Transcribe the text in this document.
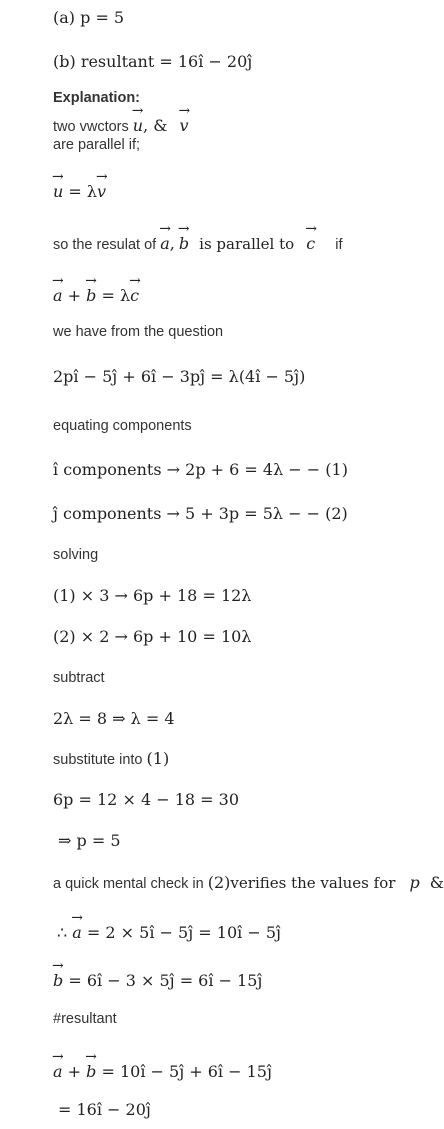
(a) p = 5
(b) resultant = 16î − 20ĵ
Explanation:
two vwctors → u, & → v
are parallel if;
→ u = λ→ v
so the resulat of → a, → b is parallel to → c if
→ a + → b = λ→ c
we have from the question
2pî − 5ĵ + 6î − 3pĵ = λ(4î − 5ĵ)
equating components
î components → 2p + 6 = 4λ − − (1)
ĵ components → 5 + 3p = 5λ − − (2)
solving
(1) × 3 → 6p + 18 = 12λ
(2) × 2 → 6p + 10 = 10λ
subtract
2λ = 8 ⇒ λ = 4
substitute into (1)
6p = 12 × 4 − 18 = 30
⇒ p = 5
a quick mental check in (2)verifies the values for p &
∴ → a = 2 × 5î − 5ĵ = 10î − 5ĵ
→ b = 6î − 3 × 5ĵ = 6î − 15ĵ
#resultant
→ a + → b = 10î − 5ĵ + 6î − 15ĵ
= 16î − 20ĵ
